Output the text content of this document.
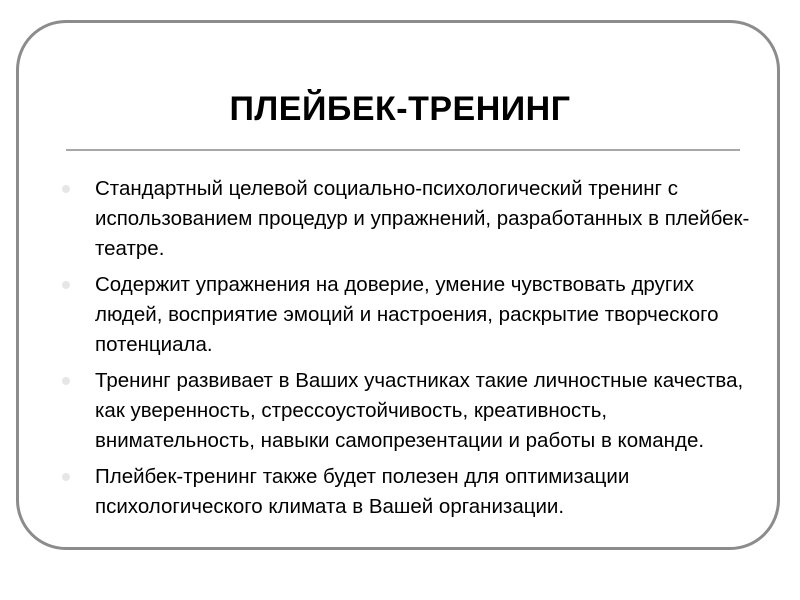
ПЛЕЙБЕК-ТРЕНИНГ
Стандартный целевой социально-психологический тренинг с использованием процедур и упражнений, разработанных в плейбек-театре.
Содержит упражнения на доверие, умение чувствовать других людей, восприятие эмоций и настроения, раскрытие творческого потенциала.
Тренинг развивает в Ваших участниках такие личностные качества, как уверенность, стрессоустойчивость, креативность, внимательность, навыки самопрезентации и работы в команде.
Плейбек-тренинг также будет полезен для оптимизации психологического климата в Вашей организации.
